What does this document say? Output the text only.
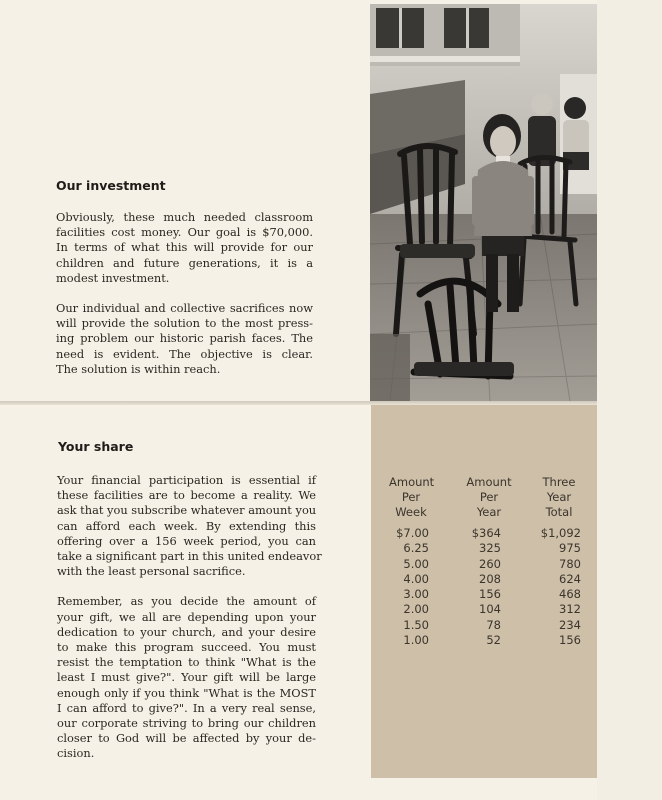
Our investment

Obviously, these much needed classroom
facilities cost money. Our goal is $70,000.
In terms of what this will provide for our
children and future generations, it is a
modest investment.

Our individual and collective sacrifices now
will provide the solution to the most press-
ing problem our historic parish faces. The
need is evident. The objective is clear.
The solution is within reach.

Your share

Your financial participation is essential if
these facilities are to become a reality. We
ask that you subscribe whatever amount you
can afford each week. By extending this
offering over a 156 week period, you can
take a significant part in this united endeavor
with the least personal sacrifice.

Remember, as you decide the amount of
your gift, we all are depending upon your
dedication to your church, and your desire
to make this program succeed. You must
resist the temptation to think "What is the
least I must give?". Your gift will be large
enough only if you think "What is the MOST
I can afford to give?". In a very real sense,
our corporate striving to bring our children
closer to God will be affected by your de-
cision.

Amount
Per
Week
$7.00
6.25
5.00
4.00
3.00
2.00
1.50
1.00
Amount
Per
Year
$364
325
260
208
156
104
78
52
Three
Year
Total
$1,092
975
780
624
468
312
234
156
